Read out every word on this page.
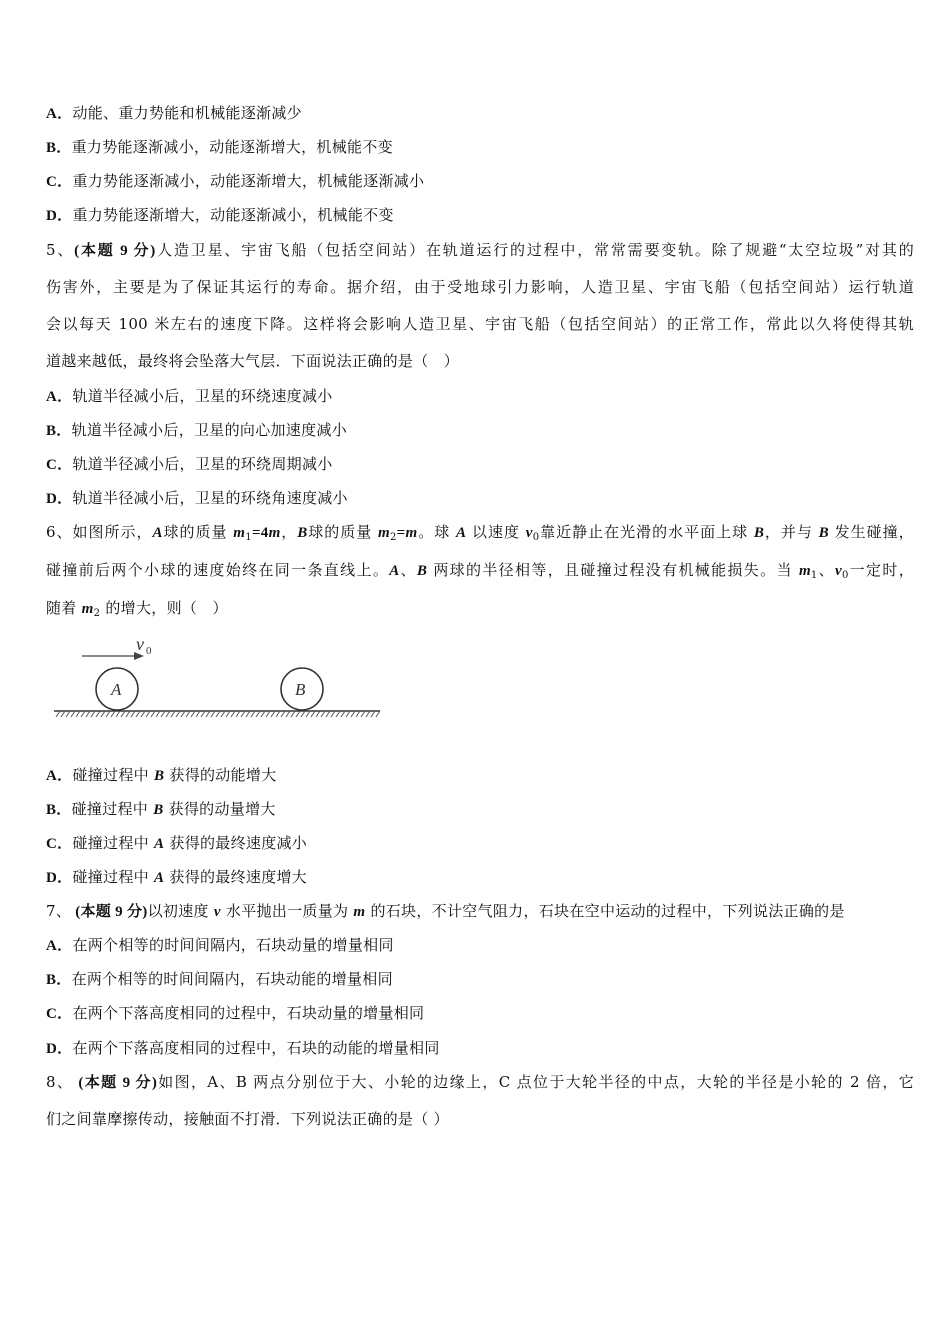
A．动能、重力势能和机械能逐渐减少
B．重力势能逐渐减小，动能逐渐增大，机械能不变
C．重力势能逐渐减小，动能逐渐增大，机械能逐渐减小
D．重力势能逐渐增大，动能逐渐减小，机械能不变
5、(本题 9 分)人造卫星、宇宙飞船（包括空间站）在轨道运行的过程中，常常需要变轨。除了规避“太空垃圾”对其的
伤害外，主要是为了保证其运行的寿命。据介绍，由于受地球引力影响，人造卫星、宇宙飞船（包括空间站）运行轨道
会以每天 100 米左右的速度下降。这样将会影响人造卫星、宇宙飞船（包括空间站）的正常工作，常此以久将使得其轨
道越来越低，最终将会坠落大气层．下面说法正确的是（　）
A．轨道半径减小后，卫星的环绕速度减小
B．轨道半径减小后，卫星的向心加速度减小
C．轨道半径减小后，卫星的环绕周期减小
D．轨道半径减小后，卫星的环绕角速度减小
6、如图所示，A球的质量 $m_1=4m$，B球的质量 $m_2=m$。球 A 以速度 $v_0$靠近静止在光滑的水平面上球 B，并与 B 发生碰撞，
碰撞前后两个小球的速度始终在同一条直线上。A、B 两球的半径相等，且碰撞过程没有机械能损失。当 $m_1$、$v_0$一定时，
随着 $m_2$ 的增大，则（　）
v 0
A	B
A．碰撞过程中 B 获得的动能增大
B．碰撞过程中 B 获得的动量增大
C．碰撞过程中 A 获得的最终速度减小
D．碰撞过程中 A 获得的最终速度增大
7、 (本题 9 分)以初速度 v 水平抛出一质量为 m 的石块，不计空气阻力，石块在空中运动的过程中，下列说法正确的是
A．在两个相等的时间间隔内，石块动量的增量相同
B．在两个相等的时间间隔内，石块动能的增量相同
C．在两个下落高度相同的过程中，石块动量的增量相同
D．在两个下落高度相同的过程中，石块的动能的增量相同
8、 (本题 9 分)如图，A、B 两点分别位于大、小轮的边缘上，C 点位于大轮半径的中点，大轮的半径是小轮的 2 倍，它
们之间靠摩擦传动，接触面不打滑．下列说法正确的是（ ）
